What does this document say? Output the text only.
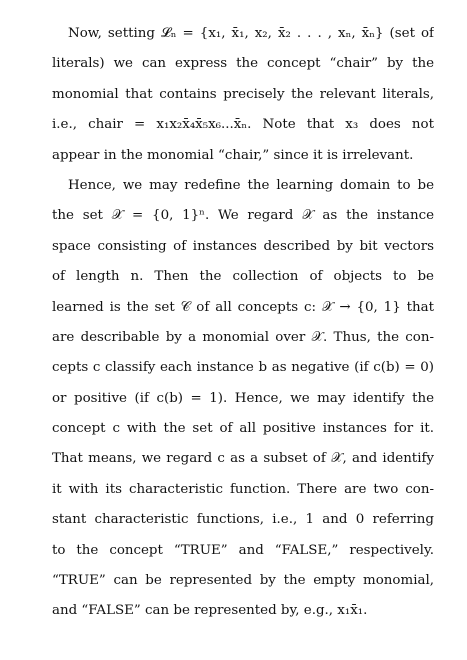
Now, setting 𝓛ₙ = {x₁, x̄₁, x₂, x̄₂ . . . , xₙ, x̄ₙ} (set of
literals) we can express the concept “chair” by the
monomial that contains precisely the relevant literals,
i.e., chair = x₁x₂x̄₄x̄₅x₆...x̄ₙ. Note that x₃ does not
appear in the monomial “chair,” since it is irrelevant.
Hence, we may redefine the learning domain to be
the set 𝒳 = {0, 1}ⁿ. We regard 𝒳 as the instance
space consisting of instances described by bit vectors
of length n. Then the collection of objects to be
learned is the set 𝒞 of all concepts c: 𝒳 → {0, 1} that
are describable by a monomial over 𝒳. Thus, the con-
cepts c classify each instance b as negative (if c(b) = 0)
or positive (if c(b) = 1). Hence, we may identify the
concept c with the set of all positive instances for it.
That means, we regard c as a subset of 𝒳, and identify
it with its characteristic function. There are two con-
stant characteristic functions, i.e., 1 and 0 referring
to the concept “TRUE” and “FALSE,” respectively.
“TRUE” can be represented by the empty monomial,
and “FALSE” can be represented by, e.g., x₁x̄₁.
